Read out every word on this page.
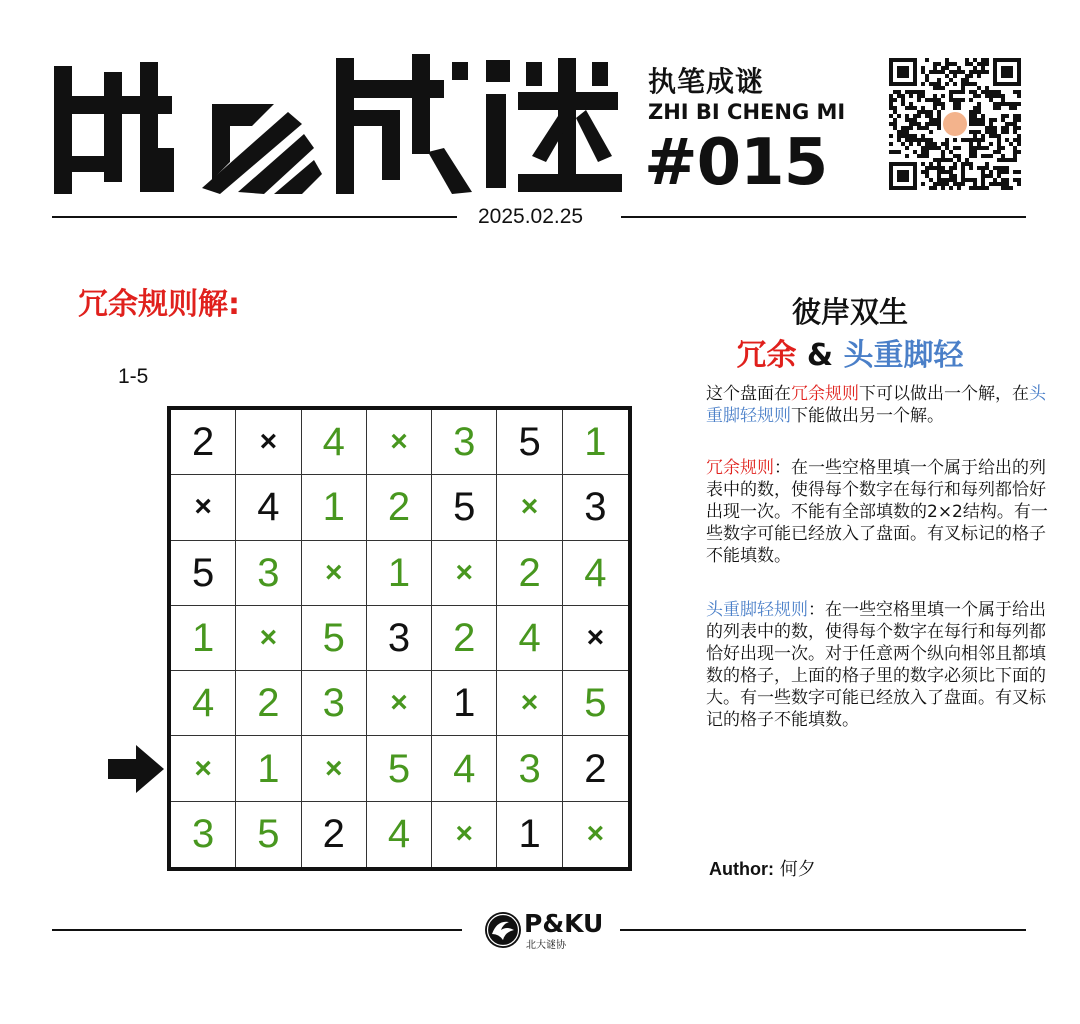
执笔成谜
ZHI BI CHENG MI
#015
2025.02.25
冗余规则解:
1-5
2	×	4	×	3	5	1
×	4	1	2	5	×	3
5	3	×	1	×	2	4
1	×	5	3	2	4	×
4	2	3	×	1	×	5
×	1	×	5	4	3	2
3	5	2	4	×	1	×
彼岸双生
冗余 & 头重脚轻
这个盘面在冗余规则下可以做出一个解，在头重脚轻规则下能做出另一个解。
冗余规则：在一些空格里填一个属于给出的列表中的数，使得每个数字在每行和每列都恰好出现一次。不能有全部填数的2×2结构。有一些数字可能已经放入了盘面。有叉标记的格子不能填数。
头重脚轻规则：在一些空格里填一个属于给出的列表中的数，使得每个数字在每行和每列都恰好出现一次。对于任意两个纵向相邻且都填数的格子，上面的格子里的数字必须比下面的大。有一些数字可能已经放入了盘面。有叉标记的格子不能填数。
Author: 何夕
P&KU
北大谜协
